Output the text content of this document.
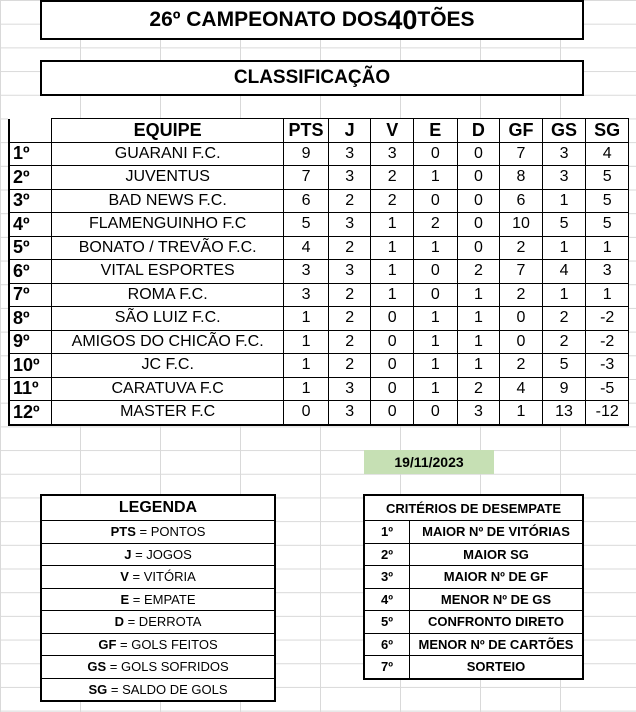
26º CAMPEONATO DOS 40 TÕES
CLASSIFICAÇÃO
	EQUIPE	PTS	J	V	E	D	GF	GS	SG
1º	GUARANI F.C.	9	3	3	0	0	7	3	4
2º	JUVENTUS	7	3	2	1	0	8	3	5
3º	BAD NEWS F.C.	6	2	2	0	0	6	1	5
4º	FLAMENGUINHO F.C	5	3	1	2	0	10	5	5
5º	BONATO / TREVÃO F.C.	4	2	1	1	0	2	1	1
6º	VITAL ESPORTES	3	3	1	0	2	7	4	3
7º	ROMA F.C.	3	2	1	0	1	2	1	1
8º	SÃO LUIZ F.C.	1	2	0	1	1	0	2	-2
9º	AMIGOS DO CHICÃO F.C.	1	2	0	1	1	0	2	-2
10º	JC F.C.	1	2	0	1	1	2	5	-3
11º	CARATUVA F.C	1	3	0	1	2	4	9	-5
12º	MASTER F.C	0	3	0	0	3	1	13	-12
19/11/2023
LEGENDA
PTS = PONTOS
J = JOGOS
V = VITÓRIA
E = EMPATE
D = DERROTA
GF = GOLS FEITOS
GS = GOLS SOFRIDOS
SG = SALDO DE GOLS
CRITÉRIOS DE DESEMPATE	
1º	MAIOR Nº DE VITÓRIAS
2º	MAIOR SG
3º	MAIOR Nº DE GF
4º	MENOR Nº DE GS
5º	CONFRONTO DIRETO
6º	MENOR Nº DE CARTÕES
7º	SORTEIO
